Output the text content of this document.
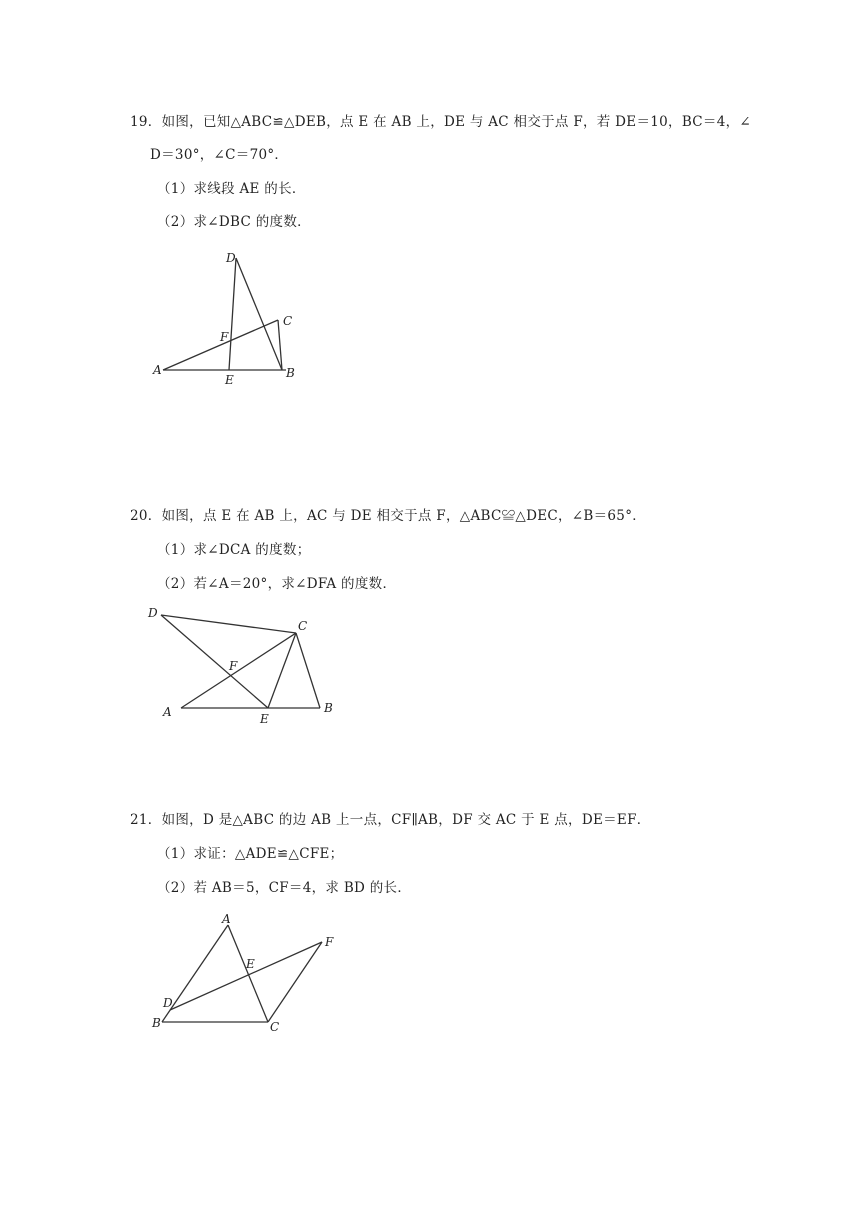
19．如图，已知△ABC≌△DEB，点 E 在 AB 上，DE 与 AC 相交于点 F，若 DE＝10，BC＝4，∠
D＝30°，∠C＝70°．
（1）求线段 AE 的长．
（2）求∠DBC 的度数．
D
C
F
A
E	B
20．如图，点 E 在 AB 上，AC 与 DE 相交于点 F，△ABC≌△DEC，∠B＝65°．
（1）求∠DCA 的度数；
（2）若∠A＝20°，求∠DFA 的度数．
D
C
F
A	E
B
21．如图，D 是△ABC 的边 AB 上一点，CF∥AB，DF 交 AC 于 E 点，DE＝EF．
（1）求证：△ADE≌△CFE；
（2）若 AB＝5，CF＝4，求 BD 的长．
A
F
E
D
B	C
